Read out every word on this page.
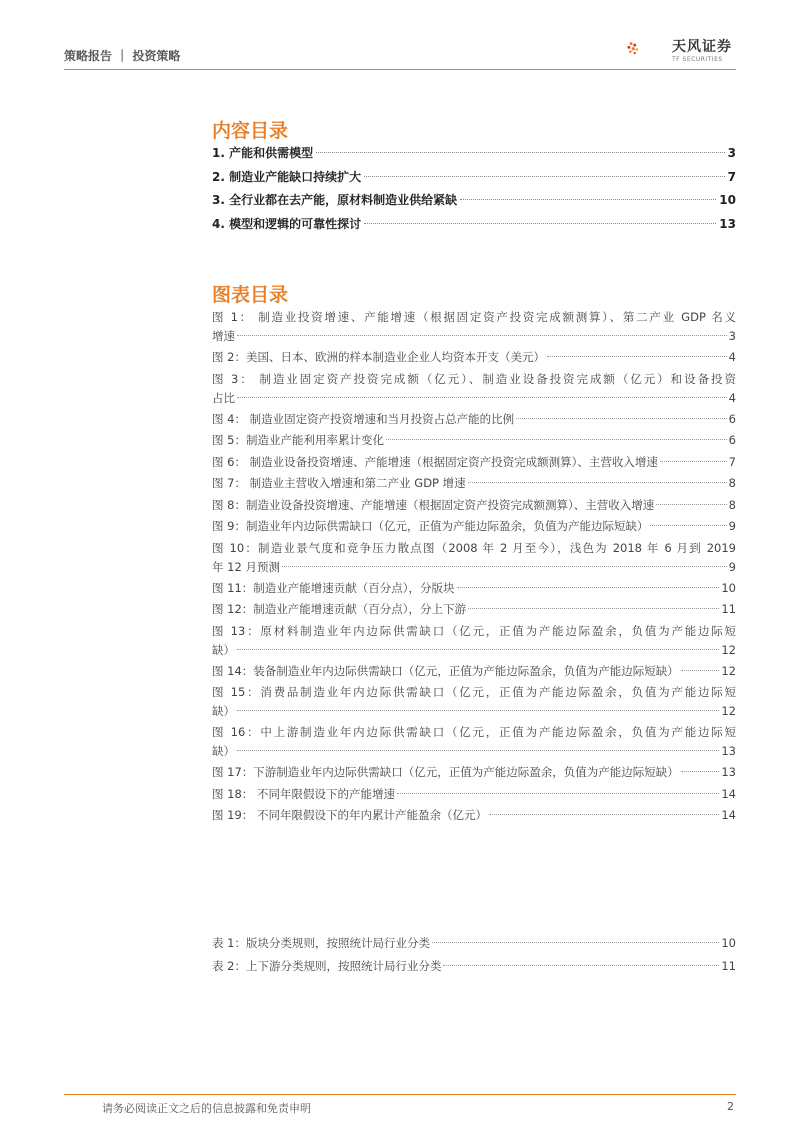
策略报告 ｜ 投资策略
天风证券
TF SECURITIES
内容目录
1. 产能和供需模型	3
2. 制造业产能缺口持续扩大	7
3. 全行业都在去产能，原材料制造业供给紧缺	10
4. 模型和逻辑的可靠性探讨	13
图表目录
图 1： 制造业投资增速、产能增速（根据固定资产投资完成额测算）、第二产业 GDP 名义
增速	3
图 2：美国、日本、欧洲的样本制造业企业人均资本开支（美元）	4
图 3： 制造业固定资产投资完成额（亿元）、制造业设备投资完成额（亿元）和设备投资
占比	4
图 4： 制造业固定资产投资增速和当月投资占总产能的比例	6
图 5：制造业产能利用率累计变化	6
图 6： 制造业设备投资增速、产能增速（根据固定资产投资完成额测算）、主营收入增速	7
图 7： 制造业主营收入增速和第二产业 GDP 增速	8
图 8：制造业设备投资增速、产能增速（根据固定资产投资完成额测算）、主营收入增速	8
图 9：制造业年内边际供需缺口（亿元，正值为产能边际盈余，负值为产能边际短缺）	9
图 10：制造业景气度和竞争压力散点图（2008 年 2 月至今），浅色为 2018 年 6 月到 2019
年 12 月预测	9
图 11：制造业产能增速贡献（百分点），分版块	10
图 12：制造业产能增速贡献（百分点），分上下游	11
图 13：原材料制造业年内边际供需缺口（亿元，正值为产能边际盈余，负值为产能边际短
缺）	12
图 14：装备制造业年内边际供需缺口（亿元，正值为产能边际盈余，负值为产能边际短缺）	12
图 15：消费品制造业年内边际供需缺口（亿元，正值为产能边际盈余，负值为产能边际短
缺）	12
图 16：中上游制造业年内边际供需缺口（亿元，正值为产能边际盈余，负值为产能边际短
缺）	13
图 17：下游制造业年内边际供需缺口（亿元，正值为产能边际盈余，负值为产能边际短缺）	13
图 18： 不同年限假设下的产能增速	14
图 19： 不同年限假设下的年内累计产能盈余（亿元）	14
表 1：版块分类规则，按照统计局行业分类	10
表 2：上下游分类规则，按照统计局行业分类	11
请务必阅读正文之后的信息披露和免责申明	2
